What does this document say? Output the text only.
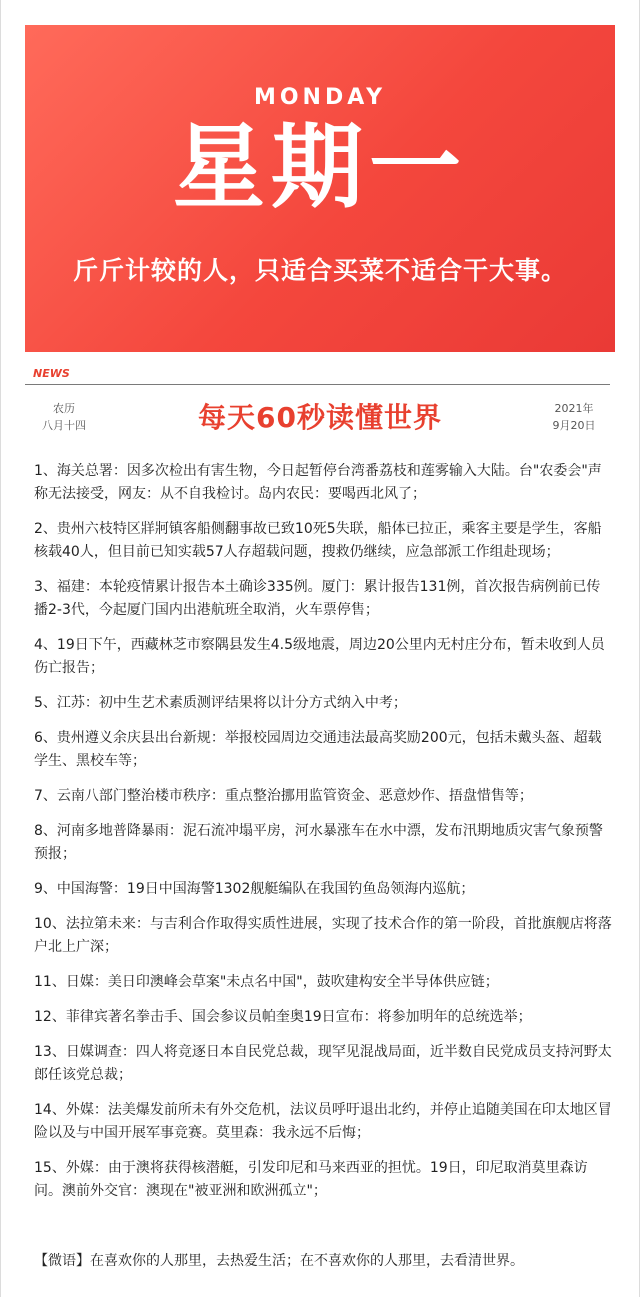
MONDAY
星期一
斤斤计较的人，只适合买菜不适合干大事。
NEWS
农历
八月十四	每天60秒读懂世界	2021年
9月20日
1、海关总署：因多次检出有害生物，今日起暂停台湾番荔枝和莲雾输入大陆。台"农委会"声称无法接受，网友：从不自我检讨。岛内农民：要喝西北风了；
2、贵州六枝特区牂牁镇客船侧翻事故已致10死5失联，船体已拉正，乘客主要是学生，客船核载40人，但目前已知实载57人存超载问题，搜救仍继续，应急部派工作组赴现场；
3、福建：本轮疫情累计报告本土确诊335例。厦门：累计报告131例，首次报告病例前已传播2-3代，今起厦门国内出港航班全取消，火车票停售；
4、19日下午，西藏林芝市察隅县发生4.5级地震，周边20公里内无村庄分布，暂未收到人员伤亡报告；
5、江苏：初中生艺术素质测评结果将以计分方式纳入中考；
6、贵州遵义余庆县出台新规：举报校园周边交通违法最高奖励200元，包括未戴头盔、超载学生、黑校车等；
7、云南八部门整治楼市秩序：重点整治挪用监管资金、恶意炒作、捂盘惜售等；
8、河南多地普降暴雨：泥石流冲塌平房，河水暴涨车在水中漂，发布汛期地质灾害气象预警预报；
9、中国海警：19日中国海警1302舰艇编队在我国钓鱼岛领海内巡航；
10、法拉第未来：与吉利合作取得实质性进展，实现了技术合作的第一阶段，首批旗舰店将落户北上广深；
11、日媒：美日印澳峰会草案"未点名中国"，鼓吹建构安全半导体供应链；
12、菲律宾著名拳击手、国会参议员帕奎奥19日宣布：将参加明年的总统选举；
13、日媒调查：四人将竞逐日本自民党总裁，现罕见混战局面，近半数自民党成员支持河野太郎任该党总裁；
14、外媒：法美爆发前所未有外交危机，法议员呼吁退出北约，并停止追随美国在印太地区冒险以及与中国开展军事竞赛。莫里森：我永远不后悔；
15、外媒：由于澳将获得核潜艇，引发印尼和马来西亚的担忧。19日，印尼取消莫里森访问。澳前外交官：澳现在"被亚洲和欧洲孤立"；
【微语】在喜欢你的人那里，去热爱生活；在不喜欢你的人那里，去看清世界。
